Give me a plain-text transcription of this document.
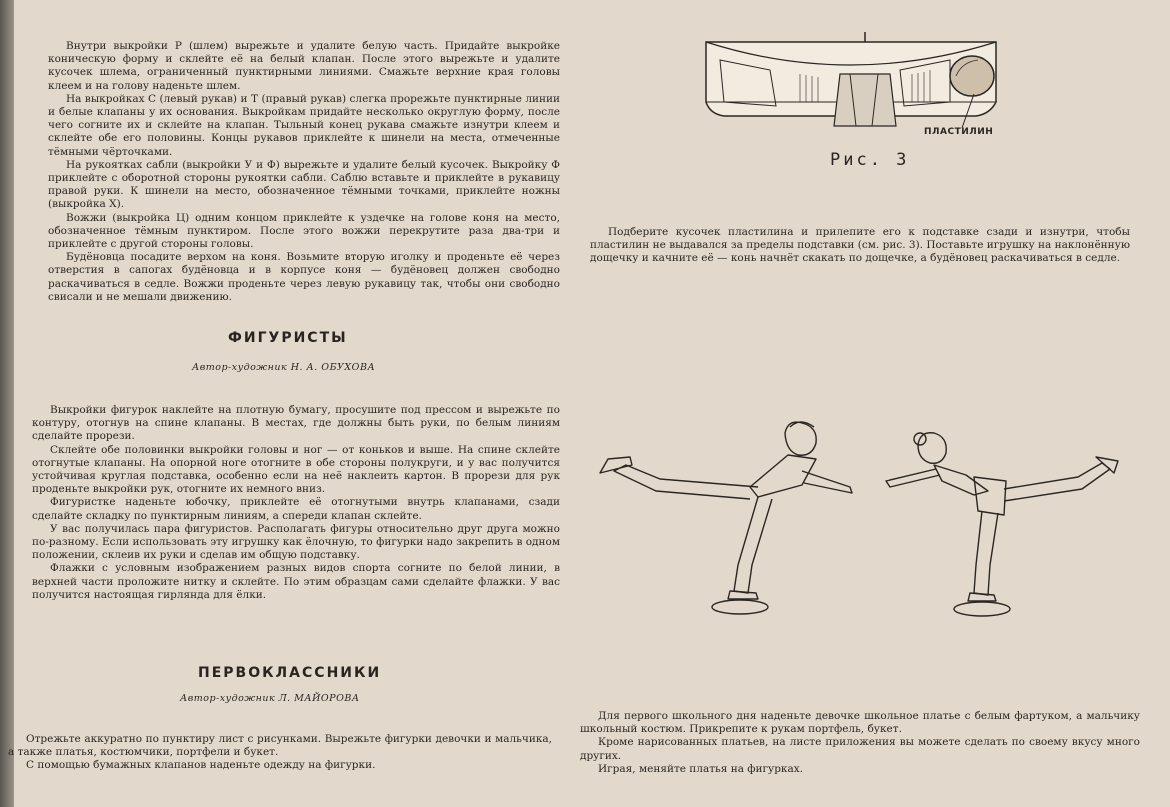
Внутри выкройки Р (шлем) вырежьте и удалите белую часть. Придайте выкройке коническую форму и склейте её на белый клапан. После этого вырежьте и удалите кусочек шлема, ограниченный пунктирными линиями. Смажьте верхние края головы клеем и на голову наденьте шлем.

На выкройках С (левый рукав) и Т (правый рукав) слегка прорежьте пунктирные линии и белые клапаны у их основания. Выкройкам придайте несколько округлую форму, после чего согните их и склейте на клапан. Тыльный конец рукава смажьте изнутри клеем и склейте обе его половины. Концы рукавов приклейте к шинели на места, отмеченные тёмными чёрточками.

На рукоятках сабли (выкройки У и Ф) вырежьте и удалите белый кусочек. Выкройку Ф приклейте с оборотной стороны рукоятки сабли. Саблю вставьте и приклейте в рукавицу правой руки. К шинели на место, обозначенное тёмными точками, приклейте ножны (выкройка Х).

Вожжи (выкройка Ц) одним концом приклейте к уздечке на голове коня на место, обозначенное тёмным пунктиром. После этого вожжи перекрутите раза два-три и приклейте с другой стороны головы.

Будёновца посадите верхом на коня. Возьмите вторую иголку и проденьте её через отверстия в сапогах будёновца и в корпусе коня — будёновец должен свободно раскачиваться в седле. Вожжи проденьте через левую рукавицу так, чтобы они свободно свисали и не мешали движению.

ПЛАСТИЛИН
Рис. 3

Подберите кусочек пластилина и прилепите его к подставке сзади и изнутри, чтобы пластилин не выдавался за пределы подставки (см. рис. 3). Поставьте игрушку на наклонённую дощечку и качните её — конь начнёт скакать по дощечке, а будёновец раскачиваться в седле.

ФИГУРИСТЫ
Автор-художник Н. А. ОБУХОВА

Выкройки фигурок наклейте на плотную бумагу, просушите под прессом и вырежьте по контуру, отогнув на спине клапаны. В местах, где должны быть руки, по белым линиям сделайте прорези.

Склейте обе половинки выкройки головы и ног — от коньков и выше. На спине склейте отогнутые клапаны. На опорной ноге отогните в обе стороны полукруги, и у вас получится устойчивая круглая подставка, особенно если на неё наклеить картон. В прорези для рук проденьте выкройки рук, отогните их немного вниз.

Фигуристке наденьте юбочку, приклейте её отогнутыми внутрь клапанами, сзади сделайте складку по пунктирным линиям, а спереди клапан склейте.

У вас получилась пара фигуристов. Располагать фигуры относительно друг друга можно по-разному. Если использовать эту игрушку как ёлочную, то фигурки надо закрепить в одном положении, склеив их руки и сделав им общую подставку.

Флажки с условным изображением разных видов спорта согните по белой линии, в верхней части проложите нитку и склейте. По этим образцам сами сделайте флажки. У вас получится настоящая гирлянда для ёлки.

ПЕРВОКЛАССНИКИ
Автор-художник Л. МАЙОРОВА

Отрежьте аккуратно по пунктиру лист с рисунками. Вырежьте фигурки девочки и мальчика, а также платья, костюмчики, портфели и букет.

С помощью бумажных клапанов наденьте одежду на фигурки.

Для первого школьного дня наденьте девочке школьное платье с белым фартуком, а мальчику школьный костюм. Прикрепите к рукам портфель, букет.

Кроме нарисованных платьев, на листе приложения вы можете сделать по своему вкусу много других.

Играя, меняйте платья на фигурках.
